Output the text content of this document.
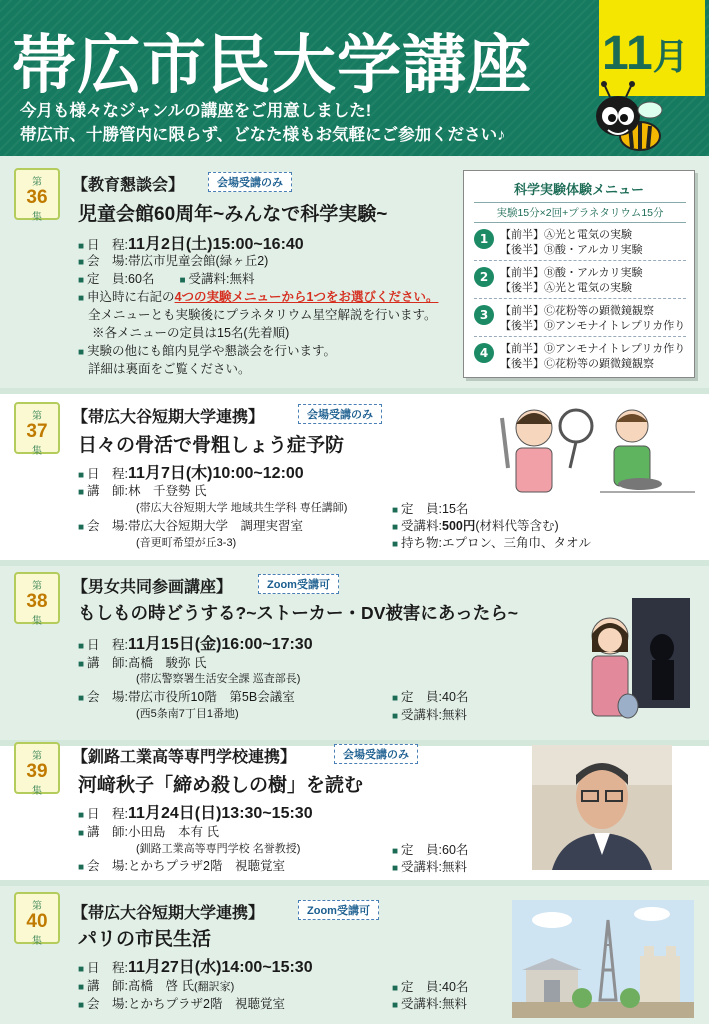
帯広市民大学講座 11月
今月も様々なジャンルの講座をご用意しました!
帯広市、十勝管内に限らず、どなた様もお気軽にご参加ください♪
第
36
集
【教育懇談会】	会場受講のみ
児童会館60周年~みんなで科学実験~
■ 日　程:11月2日(土)15:00~16:40
■ 会　場:帯広市児童会館(緑ヶ丘2)
■ 定　員:60名　　	■ 受講料:無料
■ 申込時に右記の4つの実験メニューから1つをお選びください。
全メニューとも実験後にプラネタリウム星空解説を行います。
※各メニューの定員は15名(先着順)
■ 実験の他にも館内見学や懇談会を行います。
詳細は裏面をご覧ください。
科学実験体験メニュー
実験15分×2回+プラネタリウム15分
1	【前半】Ⓐ光と電気の実験
【後半】Ⓑ酸・アルカリ実験
2	【前半】Ⓑ酸・アルカリ実験
【後半】Ⓐ光と電気の実験
3	【前半】Ⓒ花粉等の顕微鏡観察
【後半】Ⓓアンモナイトレプリカ作り
4	【前半】Ⓓアンモナイトレプリカ作り
【後半】Ⓒ花粉等の顕微鏡観察
第
37
集
【帯広大谷短期大学連携】	会場受講のみ
日々の骨活で骨粗しょう症予防
■ 日　程:11月7日(木)10:00~12:00
■ 講　師:林　千登勢 氏
(帯広大谷短期大学 地域共生学科 専任講師)
■ 会　場:帯広大谷短期大学　調理実習室
(音更町希望が丘3-3)
■ 定　員:15名
■ 受講料:500円(材料代等含む)
■ 持ち物:エプロン、三角巾、タオル
第
38
集
【男女共同参画講座】	Zoom受講可
もしもの時どうする?~ストーカー・DV被害にあったら~
■ 日　程:11月15日(金)16:00~17:30
■ 講　師:髙橋　駿弥 氏
(帯広警察署生活安全課 巡査部長)
■ 会　場:帯広市役所10階　第5B会議室
(西5条南7丁目1番地)
■ 定　員:40名
■ 受講料:無料
第
39
集
【釧路工業高等専門学校連携】	会場受講のみ
河﨑秋子「締め殺しの樹」を読む
■ 日　程:11月24日(日)13:30~15:30
■ 講　師:小田島　本有 氏
(釧路工業高等専門学校 名誉教授)
■ 会　場:とかちプラザ2階　視聴覚室
■ 定　員:60名
■ 受講料:無料
第
40
集
【帯広大谷短期大学連携】	Zoom受講可
パリの市民生活
■ 日　程:11月27日(水)14:00~15:30
■ 講　師:髙橋　啓 氏(翻訳家)
■ 会　場:とかちプラザ2階　視聴覚室
■ 定　員:40名
■ 受講料:無料
